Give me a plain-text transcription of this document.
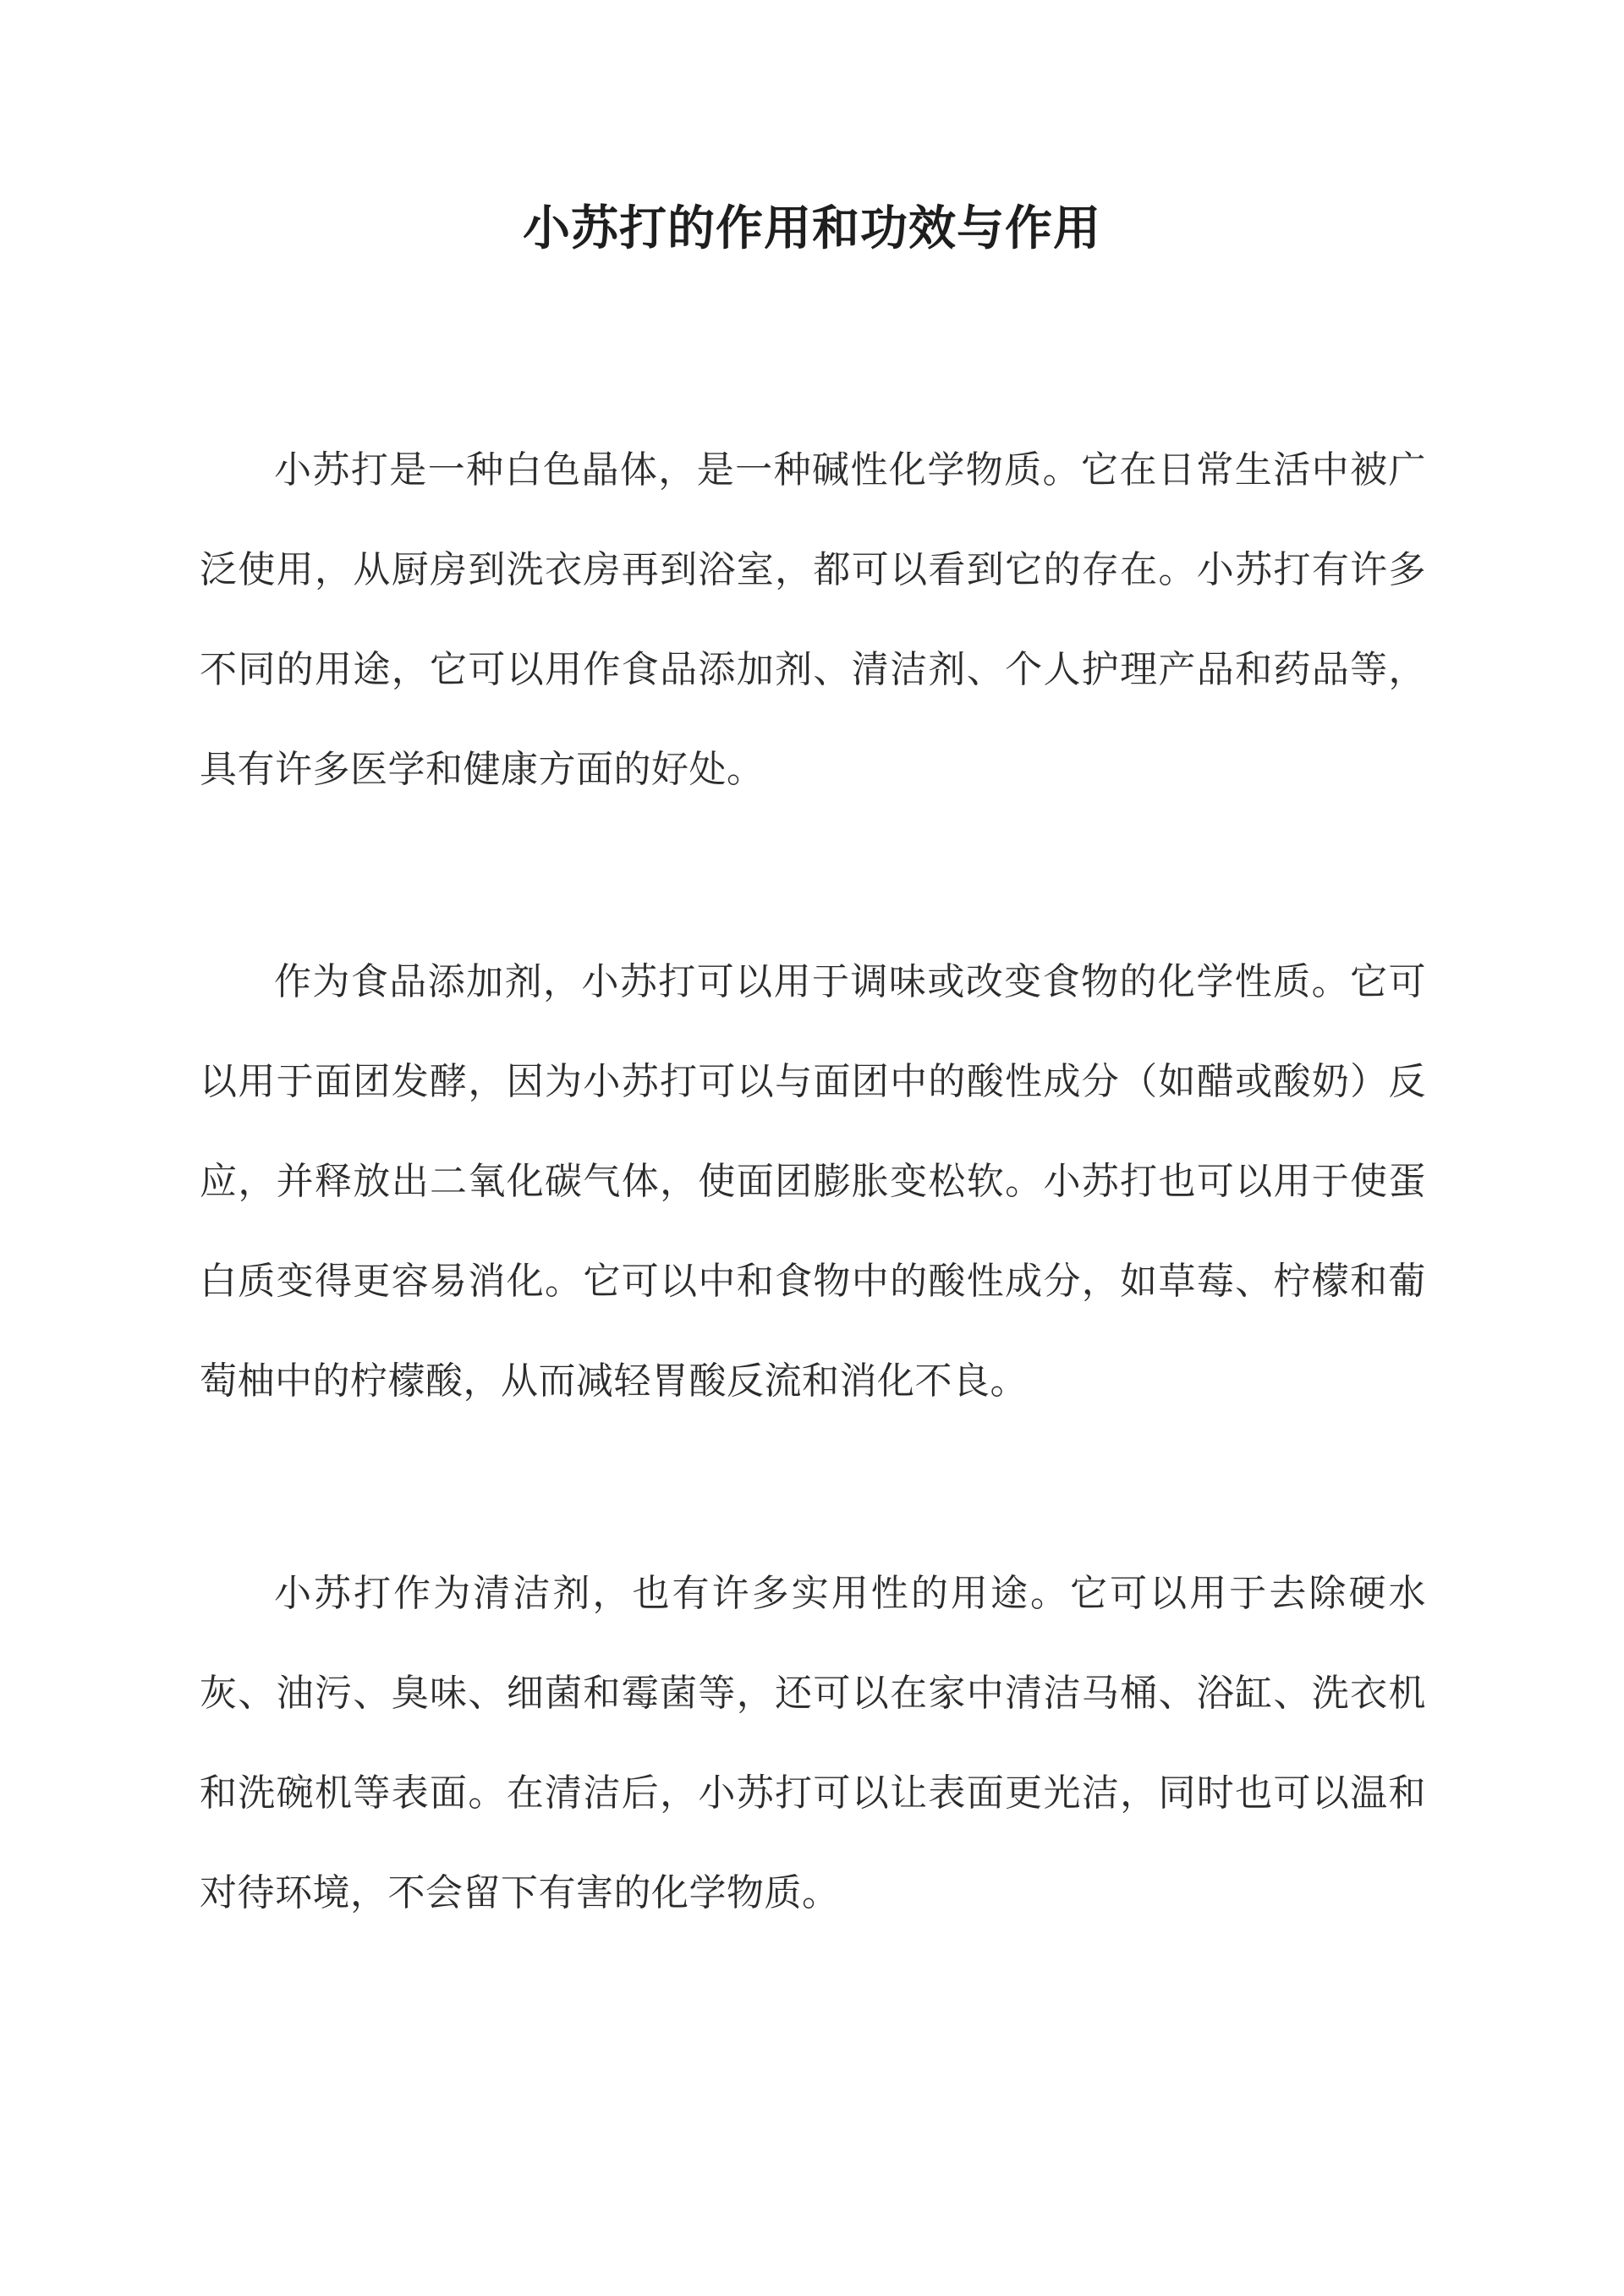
小苏打的作用和功效与作用

小苏打是一种白色晶体，是一种碱性化学物质。它在日常生活中被广泛使用，从厨房到洗衣房再到浴室，都可以看到它的存在。小苏打有许多不同的用途，它可以用作食品添加剂、清洁剂、个人护理产品和药品等，具有许多医学和健康方面的好处。

作为食品添加剂，小苏打可以用于调味或改变食物的化学性质。它可以用于面团发酵，因为小苏打可以与面团中的酸性成分（如醋或酸奶）反应，并释放出二氧化碳气体，使面团膨胀变松软。小苏打也可以用于使蛋白质变得更容易消化。它可以中和食物中的酸性成分，如草莓、柠檬和葡萄柚中的柠檬酸，从而减轻胃酸反流和消化不良。

小苏打作为清洁剂，也有许多实用性的用途。它可以用于去除硬水灰、油污、臭味、细菌和霉菌等，还可以在家中清洁马桶、浴缸、洗衣机和洗碗机等表面。在清洁后，小苏打可以让表面更光洁，同时也可以温和对待环境，不会留下有害的化学物质。
